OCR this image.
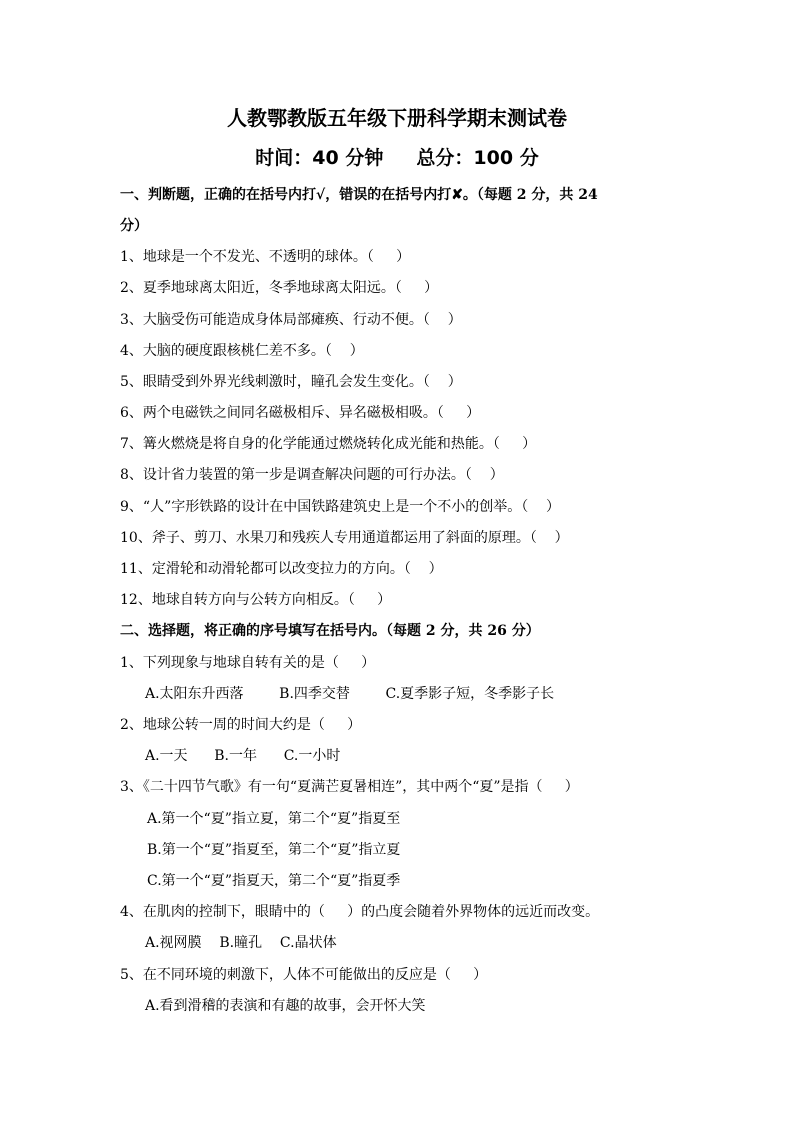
人教鄂教版五年级下册科学期末测试卷
时间：40 分钟     总分：100 分
一、判断题，正确的在括号内打√，错误的在括号内打✘。（每题 2 分，共 24
分）
1、地球是一个不发光、不透明的球体。（     ）
2、夏季地球离太阳近，冬季地球离太阳远。（     ）
3、大脑受伤可能造成身体局部瘫痪、行动不便。（    ）
4、大脑的硬度跟核桃仁差不多。（    ）
5、眼睛受到外界光线刺激时，瞳孔会发生变化。（    ）
6、两个电磁铁之间同名磁极相斥、异名磁极相吸。（     ）
7、篝火燃烧是将自身的化学能通过燃烧转化成光能和热能。（     ）
8、设计省力装置的第一步是调查解决问题的可行办法。（    ）
9、“人”字形铁路的设计在中国铁路建筑史上是一个不小的创举。（    ）
10、斧子、剪刀、水果刀和残疾人专用通道都运用了斜面的原理。（    ）
11、定滑轮和动滑轮都可以改变拉力的方向。（    ）
12、地球自转方向与公转方向相反。（     ）
二、选择题，将正确的序号填写在括号内。（每题 2 分，共 26 分）
1、下列现象与地球自转有关的是（     ）
A.太阳东升西落        B.四季交替        C.夏季影子短，冬季影子长
2、地球公转一周的时间大约是（     ）
A.一天      B.一年      C.一小时
3、《二十四节气歌》有一句“夏满芒夏暑相连”，其中两个“夏”是指（     ）
A.第一个“夏”指立夏，第二个“夏”指夏至
B.第一个“夏”指夏至，第二个“夏”指立夏
C.第一个“夏”指夏天，第二个“夏”指夏季
4、在肌肉的控制下，眼睛中的（     ）的凸度会随着外界物体的远近而改变。
A.视网膜    B.瞳孔    C.晶状体
5、在不同环境的刺激下，人体不可能做出的反应是（     ）
A.看到滑稽的表演和有趣的故事，会开怀大笑
